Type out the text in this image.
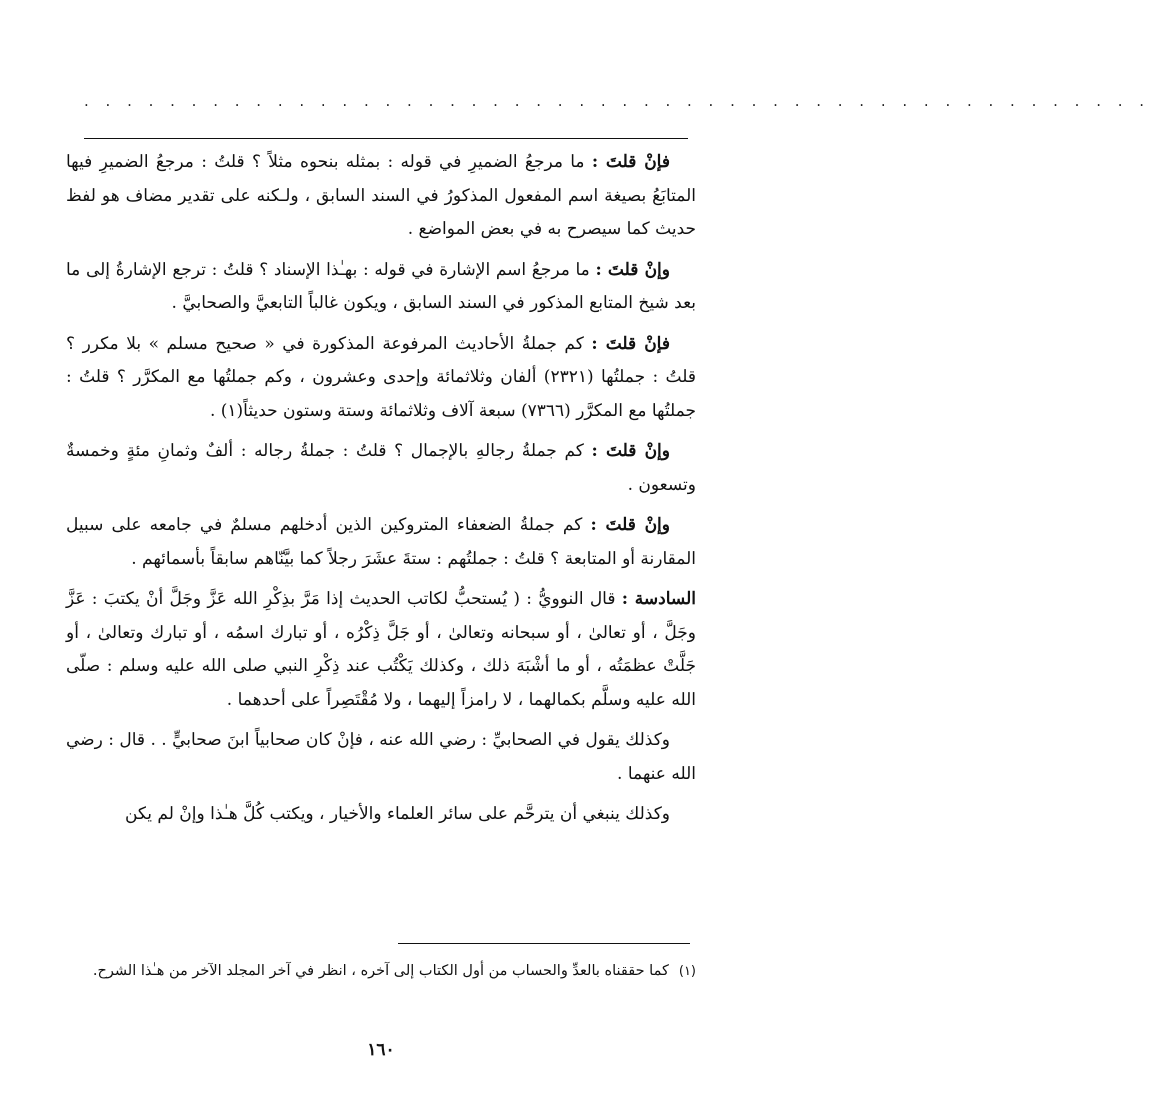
. . . . . . . . . . . . . . . . . . . . . . . . . . . . . . . . . . . . . . . . . . . . . . . . . .

فإنْ قلتَ : ما مرجعُ الضميرِ في قوله : بمثله بنحوه مثلاً ؟ قلتُ : مرجعُ الضميرِ فيها المتابَعُ بصيغة اسم المفعول المذكورُ في السند السابق ، ولـكنه على تقدير مضاف هو لفظ حديث كما سيصرح به في بعض المواضع .

وإنْ قلتَ : ما مرجعُ اسم الإشارة في قوله : بهـٰذا الإسناد ؟ قلتُ : ترجع الإشارةُ إلى ما بعد شيخ المتابع المذكور في السند السابق ، ويكون غالباً التابعيَّ والصحابيَّ .

فإنْ قلتَ : كم جملةُ الأحاديث المرفوعة المذكورة في « صحيح مسلم » بلا مكرر ؟ قلتُ : جملتُها (٢٣٢١) ألفان وثلاثمائة وإحدى وعشرون ، وكم جملتُها مع المكرَّر ؟ قلتُ : جملتُها مع المكرَّر (٧٣٦٦) سبعة آلاف وثلاثمائة وستة وستون حديثاً(١) .

وإنْ قلتَ : كم جملةُ رجالهِ بالإجمال ؟ قلتُ : جملةُ رجاله : ألفٌ وثمانِ مئةٍ وخمسةٌ وتسعون .

وإنْ قلتَ : كم جملةُ الضعفاء المتروكين الذين أدخلهم مسلمٌ في جامعه على سبيل المقارنة أو المتابعة ؟ قلتُ : جملتُهم : ستةَ عشَرَ رجلاً كما بيَّنّاهم سابقاً بأسمائهم .

السادسة : قال النوويُّ : ( يُستحبُّ لكاتب الحديث إذا مَرَّ بذِكْرِ الله عَزَّ وجَلَّ أنْ يكتبَ : عَزَّ وجَلَّ ، أو تعالىٰ ، أو سبحانه وتعالىٰ ، أو جَلَّ ذِكْرُه ، أو تبارك اسمُه ، أو تبارك وتعالىٰ ، أو جَلَّتْ عظمَتُه ، أو ما أشْبَهَ ذلك ، وكذلك يَكْتُب عند ذِكْرِ النبي صلى الله عليه وسلم : صلّى الله عليه وسلَّم بكمالهما ، لا رامزاً إليهما ، ولا مُقْتَصِراً على أحدهما .

وكذلك يقول في الصحابيِّ : رضي الله عنه ، فإنْ كان صحابياً ابنَ صحابيٍّ . . قال : رضي الله عنهما .

وكذلك ينبغي أن يترحَّم على سائر العلماء والأخيار ، ويكتب كُلَّ هـٰذا وإنْ لم يكن

(١)كما حققناه بالعدِّ والحساب من أول الكتاب إلى آخره ، انظر في آخر المجلد الآخر من هـٰذا الشرح.
١٦٠
